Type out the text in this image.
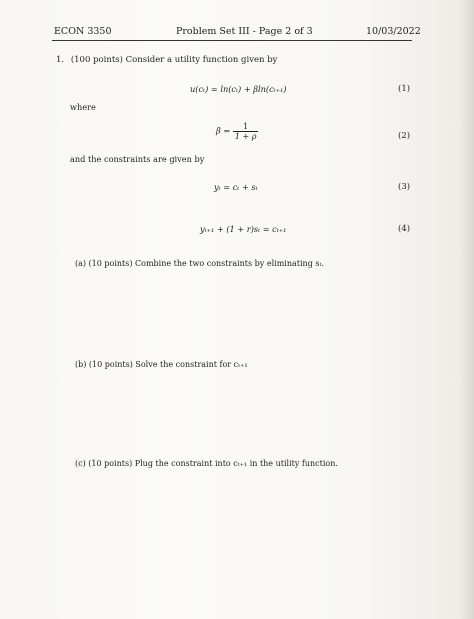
ECON 3350	Problem Set III - Page 2 of 3	10/03/2022
1. (100 points) Consider a utility function given by
u(cₜ) = ln(cₜ) + βln(cₜ₊₁)	(1)
where
$\beta = \frac{1}{1 + \rho}$	(2)
and the constraints are given by
yₜ = cₜ + sₜ	(3)
yₜ₊₁ + (1 + r)sₜ = cₜ₊₁	(4)
(a) (10 points) Combine the two constraints by eliminating sₜ.
(b) (10 points) Solve the constraint for cₜ₊₁
(c) (10 points) Plug the constraint into cₜ₊₁ in the utility function.
